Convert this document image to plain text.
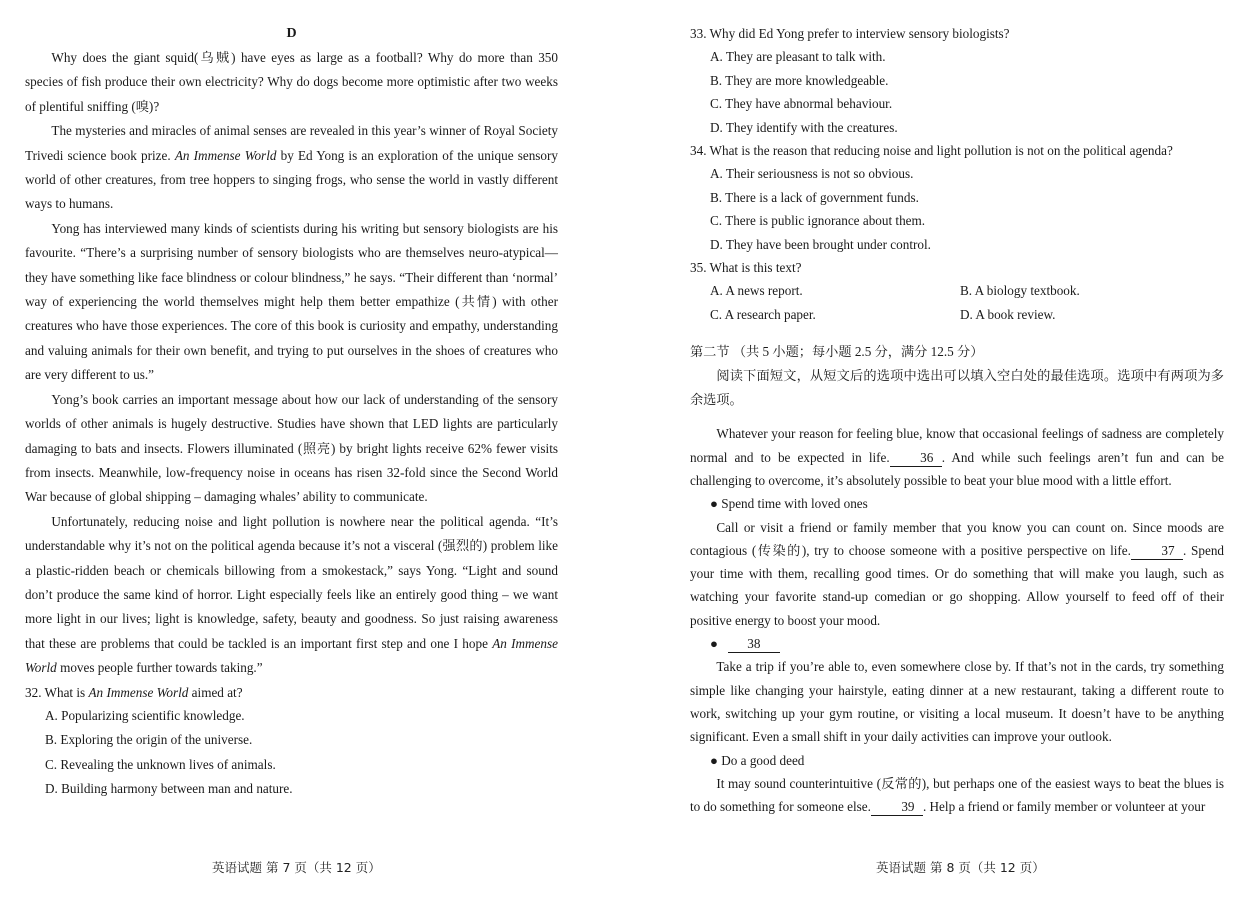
D

Why does the giant squid(乌贼) have eyes as large as a football? Why do more than 350 species of fish produce their own electricity? Why do dogs become more optimistic after two weeks of plentiful sniffing (嗅)?

The mysteries and miracles of animal senses are revealed in this year’s winner of Royal Society Trivedi science book prize. An Immense World by Ed Yong is an exploration of the unique sensory world of other creatures, from tree hoppers to singing frogs, who sense the world in vastly different ways to humans.

Yong has interviewed many kinds of scientists during his writing but sensory biologists are his favourite. “There’s a surprising number of sensory biologists who are themselves neuro-atypical—they have something like face blindness or colour blindness,” he says. “Their different than ‘normal’ way of experiencing the world themselves might help them better empathize (共情) with other creatures who have those experiences. The core of this book is curiosity and empathy, understanding and valuing animals for their own benefit, and trying to put ourselves in the shoes of creatures who are very different to us.”

Yong’s book carries an important message about how our lack of understanding of the sensory worlds of other animals is hugely destructive. Studies have shown that LED lights are particularly damaging to bats and insects. Flowers illuminated (照亮) by bright lights receive 62% fewer visits from insects. Meanwhile, low-frequency noise in oceans has risen 32-fold since the Second World War because of global shipping – damaging whales’ ability to communicate.

Unfortunately, reducing noise and light pollution is nowhere near the political agenda. “It’s understandable why it’s not on the political agenda because it’s not a visceral (强烈的) problem like a plastic-ridden beach or chemicals billowing from a smokestack,” says Yong. “Light and sound don’t produce the same kind of horror. Light especially feels like an entirely good thing – we want more light in our lives; light is knowledge, safety, beauty and goodness. So just raising awareness that these are problems that could be tackled is an important first step and one I hope An Immense World moves people further towards taking.”

32. What is An Immense World aimed at?

A. Popularizing scientific knowledge.

B. Exploring the origin of the universe.

C. Revealing the unknown lives of animals.

D. Building harmony between man and nature.

英语试题 第 7 页（共 12 页）

33. Why did Ed Yong prefer to interview sensory biologists?

A. They are pleasant to talk with.

B. They are more knowledgeable.

C. They have abnormal behaviour.

D. They identify with the creatures.

34. What is the reason that reducing noise and light pollution is not on the political agenda?

A. Their seriousness is not so obvious.

B. There is a lack of government funds.

C. There is public ignorance about them.

D. They have been brought under control.

35. What is this text?

A. A news report.	B. A biology textbook.

C. A research paper.	D. A book review.

第二节 （共 5 小题；每小题 2.5 分，满分 12.5 分）

阅读下面短文，从短文后的选项中选出可以填入空白处的最佳选项。选项中有两项为多余选项。

Whatever your reason for feeling blue, know that occasional feelings of sadness are completely normal and to be expected in life. 36 . And while such feelings aren’t fun and can be challenging to overcome, it’s absolutely possible to beat your blue mood with a little effort.

● Spend time with loved ones

Call or visit a friend or family member that you know you can count on. Since moods are contagious (传染的), try to choose someone with a positive perspective on life. 37 . Spend your time with them, recalling good times. Or do something that will make you laugh, such as watching your favorite stand-up comedian or go shopping. Allow yourself to feed off of their positive energy to boost your mood.

● 38

Take a trip if you’re able to, even somewhere close by. If that’s not in the cards, try something simple like changing your hairstyle, eating dinner at a new restaurant, taking a different route to work, switching up your gym routine, or visiting a local museum. It doesn’t have to be anything significant. Even a small shift in your daily activities can improve your outlook.

● Do a good deed

It may sound counterintuitive (反常的), but perhaps one of the easiest ways to beat the blues is to do something for someone else. 39 . Help a friend or family member or volunteer at your

英语试题 第 8 页（共 12 页）
